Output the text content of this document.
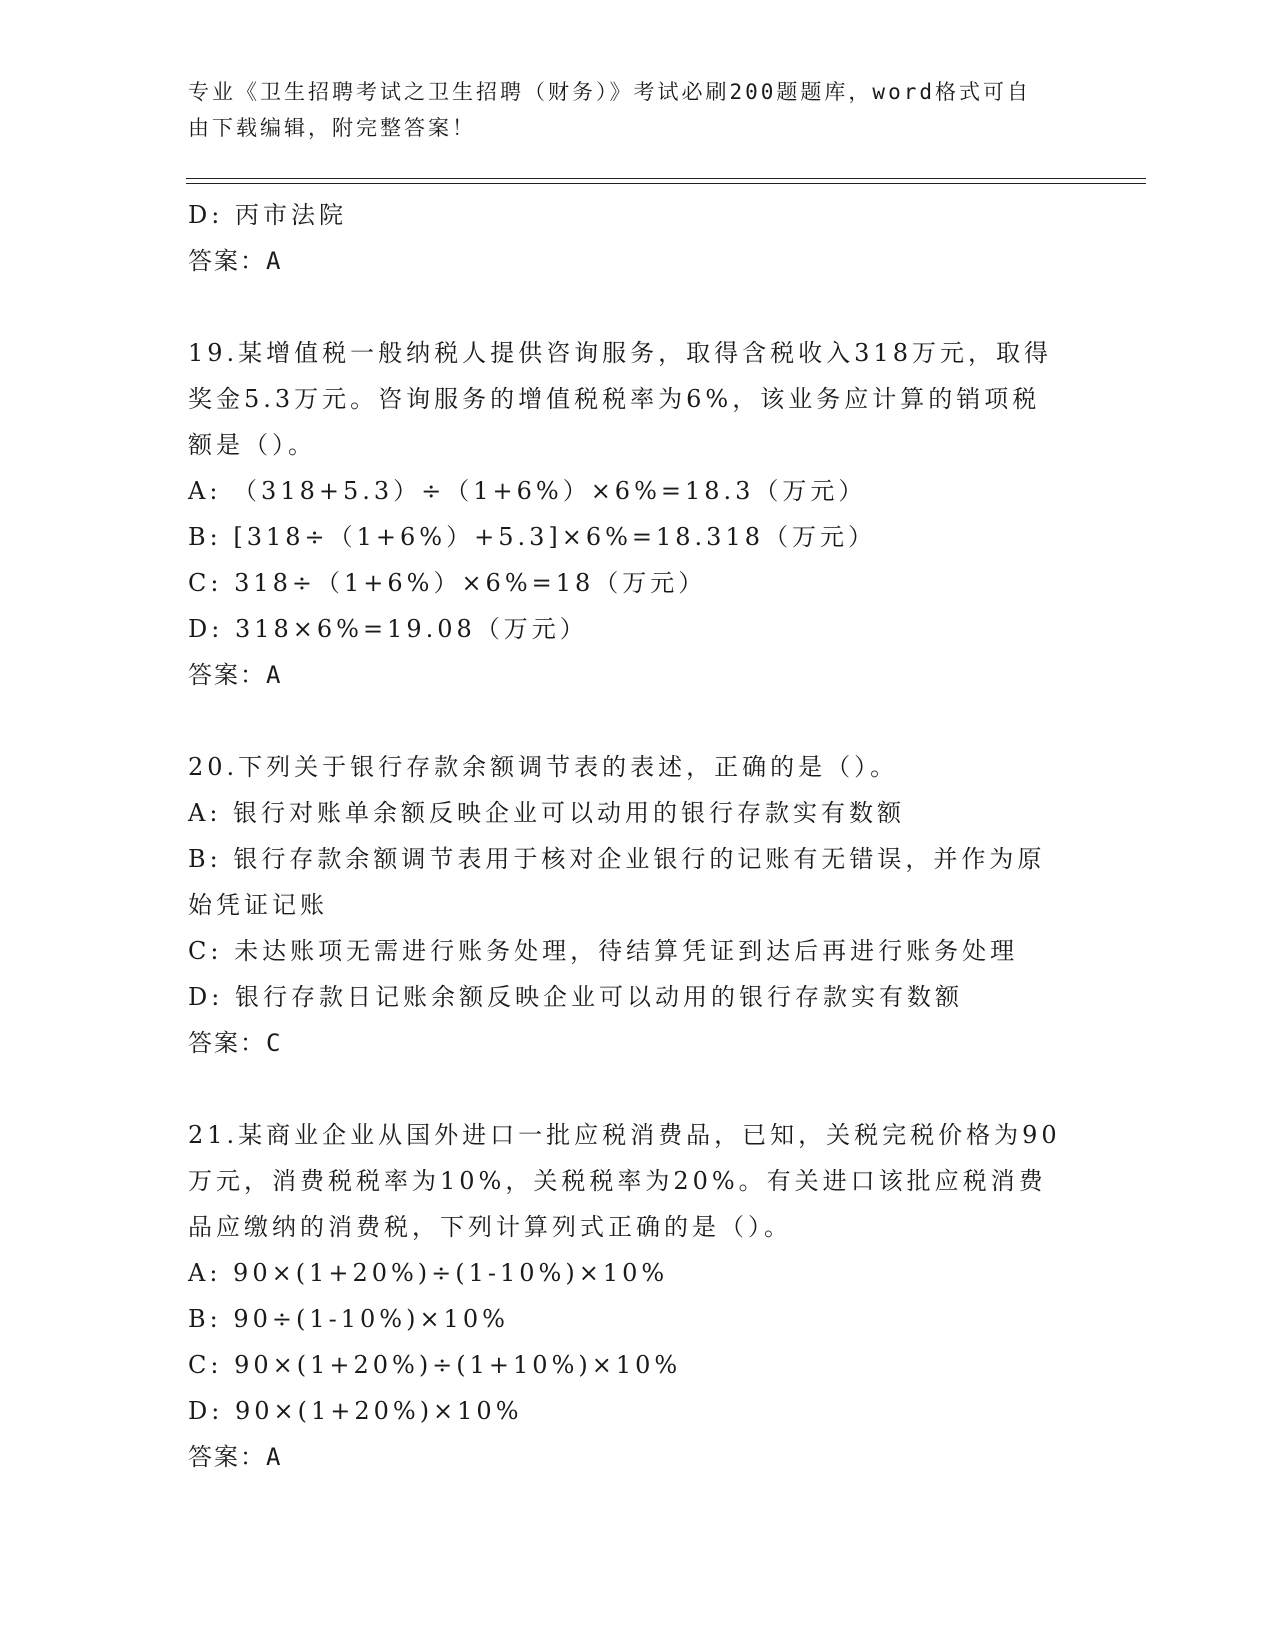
专业《卫生招聘考试之卫生招聘（财务）》考试必刷200题题库，word格式可自
由下载编辑，附完整答案！
D: 丙市法院
答案：A
19.某增值税一般纳税人提供咨询服务，取得含税收入318万元，取得
奖金5.3万元。咨询服务的增值税税率为6%，该业务应计算的销项税
额是（）。
A: （318+5.3）÷（1+6%）×6%=18.3（万元）
B: [318÷（1+6%）+5.3]×6%=18.318（万元）
C: 318÷（1+6%）×6%=18（万元）
D: 318×6%=19.08（万元）
答案：A
20.下列关于银行存款余额调节表的表述，正确的是（）。
A: 银行对账单余额反映企业可以动用的银行存款实有数额
B: 银行存款余额调节表用于核对企业银行的记账有无错误，并作为原
始凭证记账
C: 未达账项无需进行账务处理，待结算凭证到达后再进行账务处理
D: 银行存款日记账余额反映企业可以动用的银行存款实有数额
答案：C
21.某商业企业从国外进口一批应税消费品，已知，关税完税价格为90
万元，消费税税率为10%，关税税率为20%。有关进口该批应税消费
品应缴纳的消费税，下列计算列式正确的是（）。
A: 90×(1+20%)÷(1-10%)×10%
B: 90÷(1-10%)×10%
C: 90×(1+20%)÷(1+10%)×10%
D: 90×(1+20%)×10%
答案：A
